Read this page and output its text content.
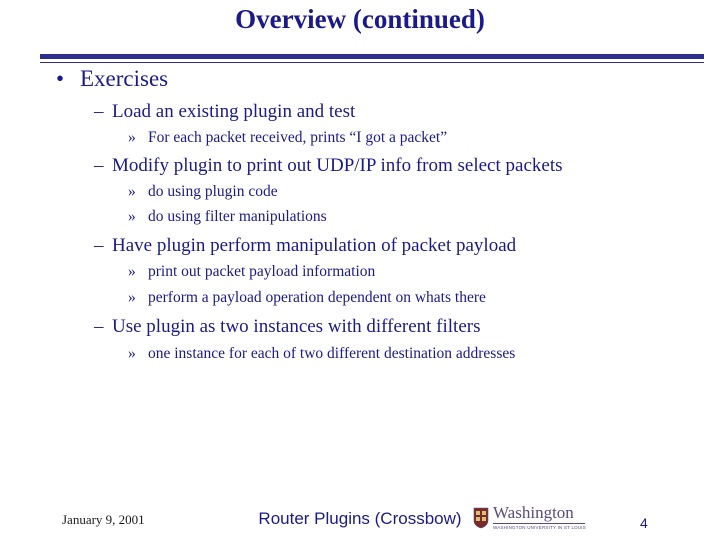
Overview (continued)
• Exercises
– Load an existing plugin and test
» For each packet received, prints “I got a packet”
– Modify plugin to print out UDP/IP info from select packets
» do using plugin code
» do using filter manipulations
– Have plugin perform manipulation of packet payload
» print out packet payload information
» perform a payload operation dependent on whats there
– Use plugin as two instances with different filters
» one instance for each of two different destination addresses
January 9, 2001	Router Plugins (Crossbow)	Washington
WASHINGTON UNIVERSITY IN ST LOUIS	4
